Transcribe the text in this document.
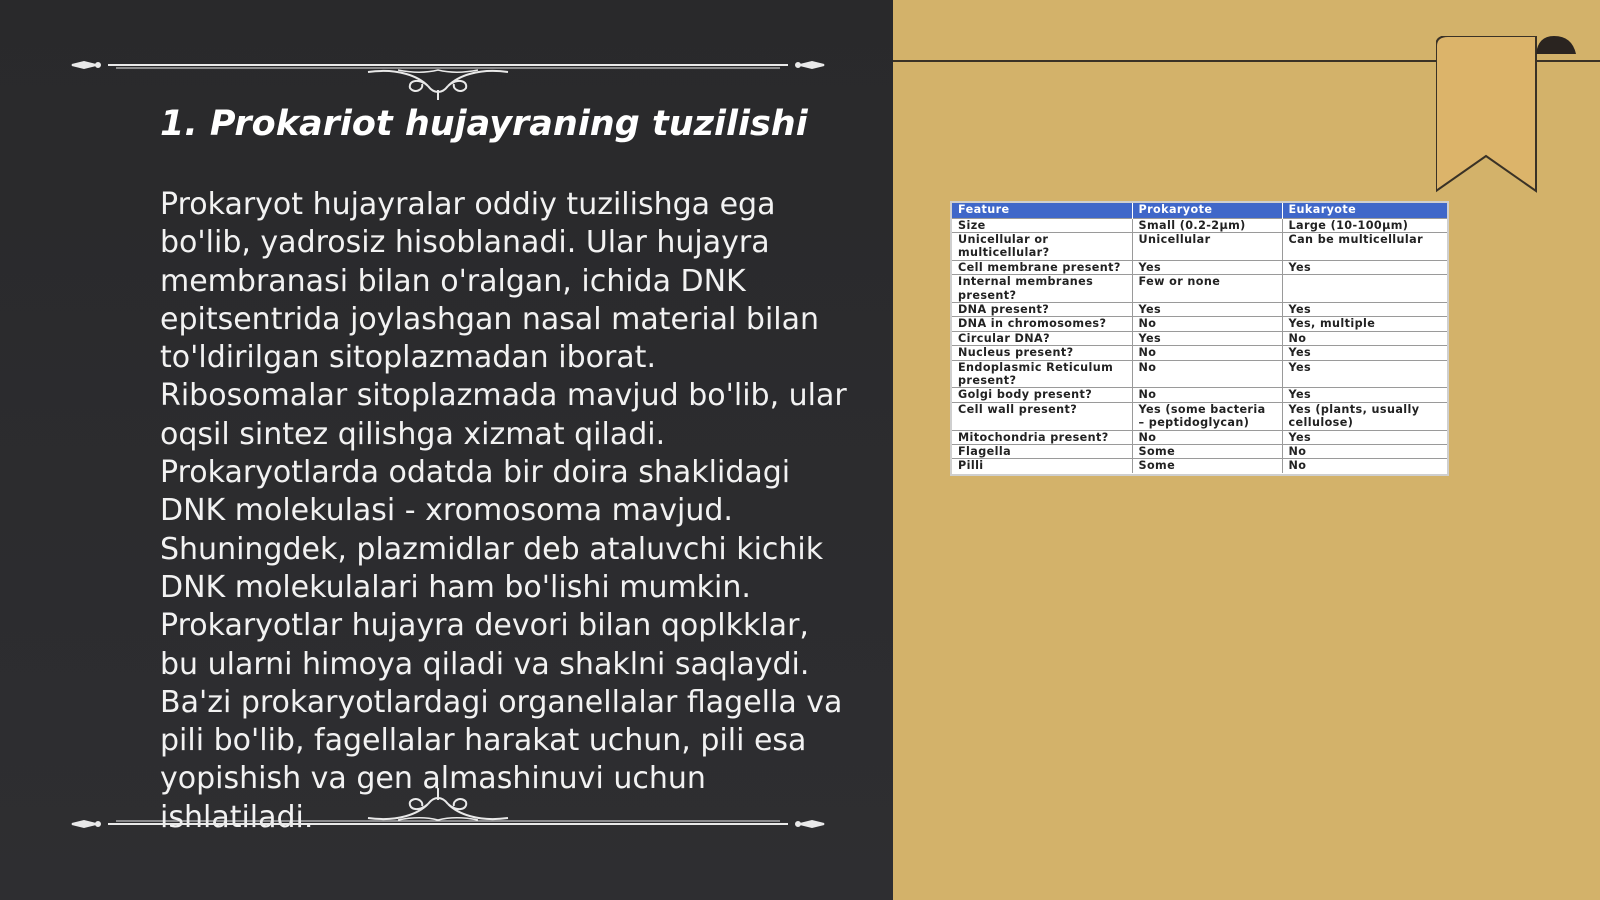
1. Prokariot hujayraning tuzilishi
Prokaryot hujayralar oddiy tuzilishga ega bo'lib, yadrosiz hisoblanadi. Ular hujayra membranasi bilan o'ralgan, ichida DNK epitsentrida joylashgan nasal material bilan to'ldirilgan sitoplazmadan iborat. Ribosomalar sitoplazmada mavjud bo'lib, ular oqsil sintez qilishga xizmat qiladi. Prokaryotlarda odatda bir doira shaklidagi DNK molekulasi - xromosoma mavjud. Shuningdek, plazmidlar deb ataluvchi kichik DNK molekulalari ham bo'lishi mumkin. Prokaryotlar hujayra devori bilan qoplkklar, bu ularni himoya qiladi va shaklni saqlaydi. Ba'zi prokaryotlardagi organellalar flagella va pili bo'lib, fagellalar harakat uchun, pili esa yopishish va gen almashinuvi uchun ishlatiladi.
Feature	Prokaryote	Eukaryote
Size	Small (0.2-2μm)	Large (10-100μm)
Unicellular or multicellular?	Unicellular	Can be multicellular
Cell membrane present?	Yes	Yes
Internal membranes present?	Few or none	
DNA present?	Yes	Yes
DNA in chromosomes?	No	Yes, multiple
Circular DNA?	Yes	No
Nucleus present?	No	Yes
Endoplasmic Reticulum present?	No	Yes
Golgi body present?	No	Yes
Cell wall present?	Yes (some bacteria – peptidoglycan)	Yes (plants, usually cellulose)
Mitochondria present?	No	Yes
Flagella	Some	No
Pilli	Some	No
